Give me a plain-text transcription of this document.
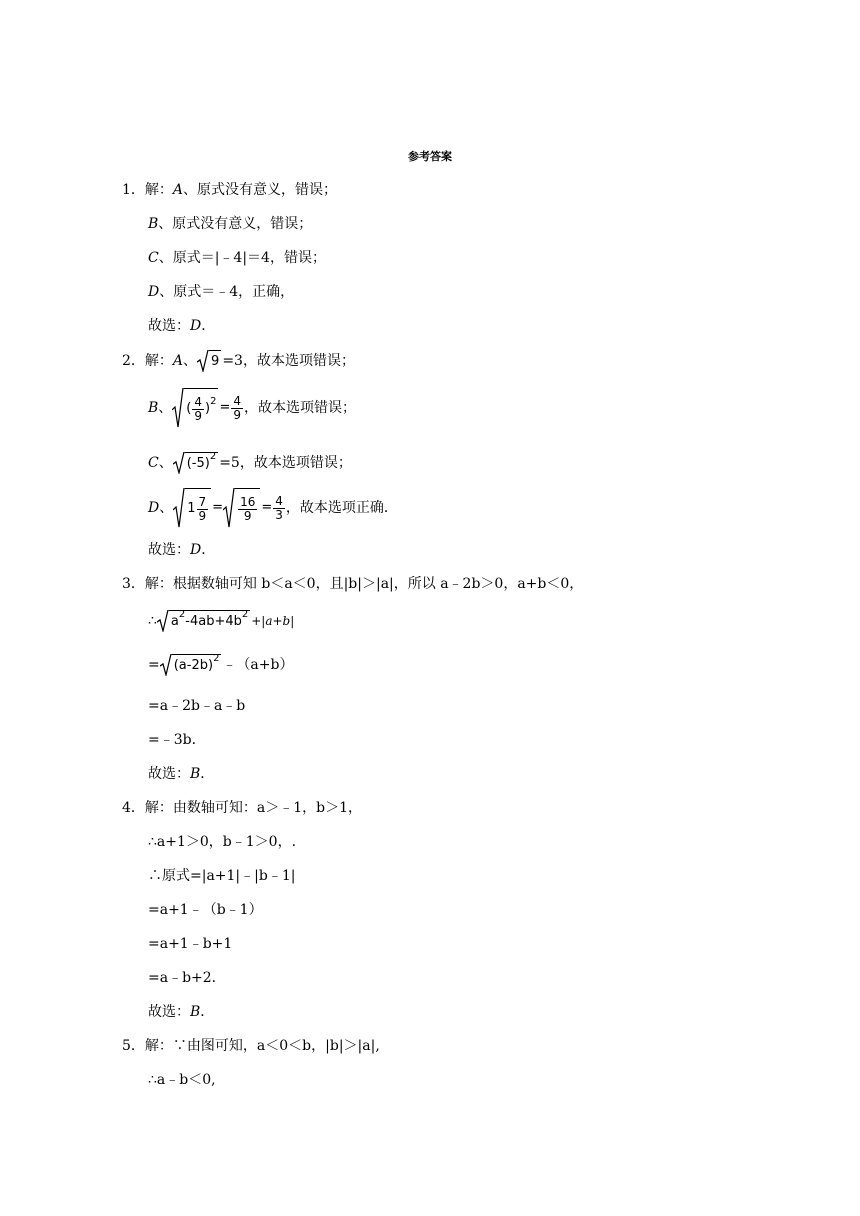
参考答案
1．解： A 、原式没有意义，错误；
B 、原式没有意义，错误；
C 、原式＝|﹣4|＝4，错误；
D 、原式＝﹣4，正确，
故选： D ．
2．解： A 、 9 =3，故本选项错误；
B 、 ( $\frac{4}{9}$ ) $2 = \frac{4}{9}$ ，故本选项错误；
C 、 (-5) 2 =5，故本选项错误；
D 、 $1 \frac{7}{9} = \frac{16}{9} = \frac{4}{3}$ ，故本选项正确．
故选： D ．
3．解： 根据数轴可知 b＜a＜0，且|b|＞|a|，所以 a﹣2b＞0，a+b＜0，
∴ a 2 -4ab+4b 2 +|a+b|
= (a-2b) 2 ﹣（a+b）
=a﹣2b﹣a﹣b
=﹣3b．
故选： B ．
4．解： 由数轴可知：a＞﹣1，b＞1，
∴a+1＞0，b﹣1＞0，.
∴原式=|a+1|﹣|b﹣1|
=a+1﹣（b﹣1）
=a+1﹣b+1
=a﹣b+2．
故选： B ．
5．解： ∵由图可知，a＜0＜b，|b|＞|a|,
∴a﹣b＜0,
